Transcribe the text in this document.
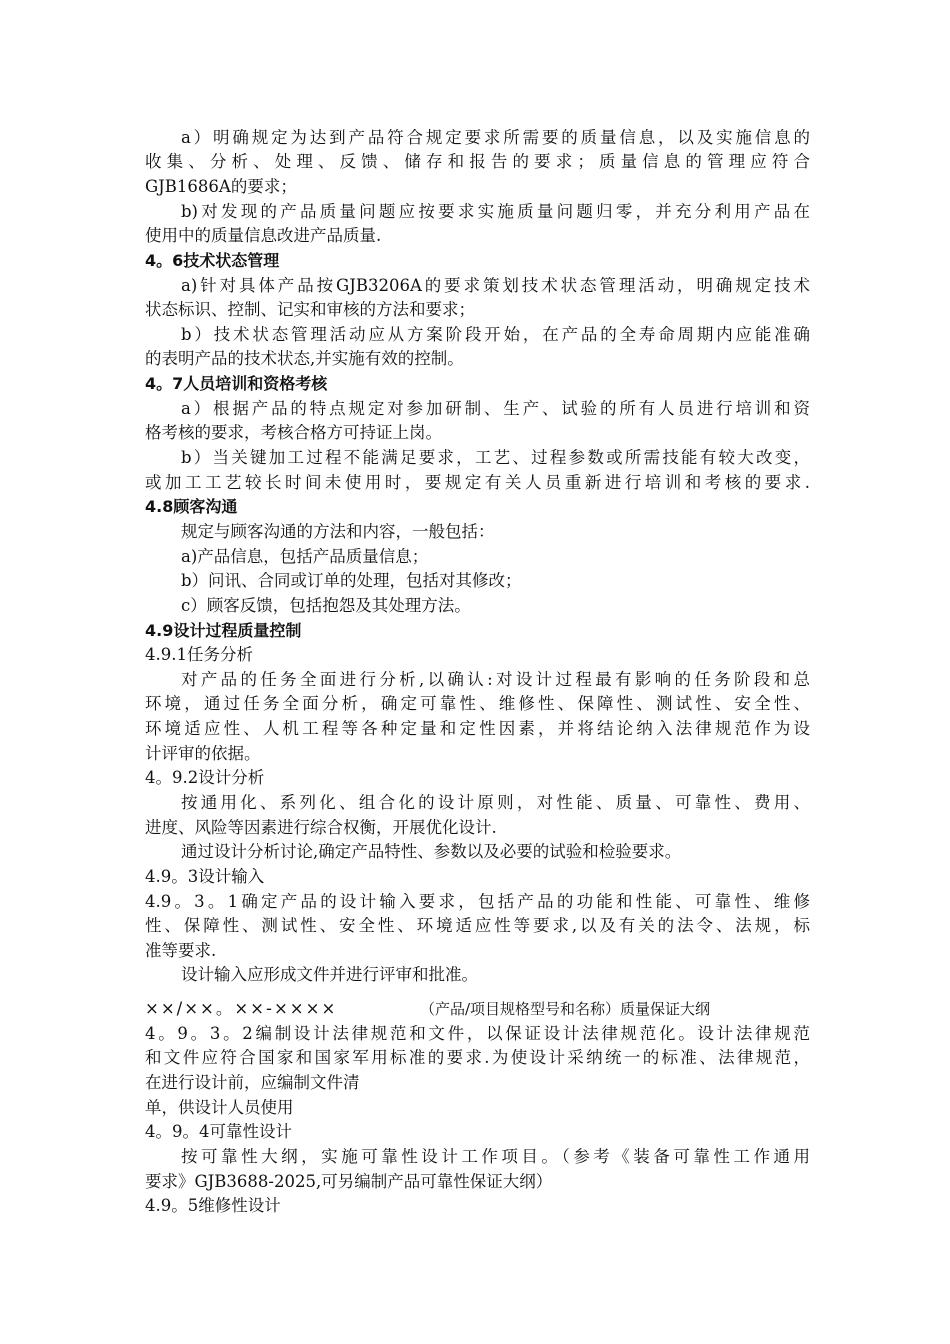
a）明确规定为达到产品符合规定要求所需要的质量信息，以及实施信息的
收集、分析、处理、反馈、储存和报告的要求；质量信息的管理应符合
GJB1686A的要求；
b)对发现的产品质量问题应按要求实施质量问题归零，并充分利用产品在
使用中的质量信息改进产品质量.
4。6技术状态管理
a)针对具体产品按GJB3206A的要求策划技术状态管理活动，明确规定技术
状态标识、控制、记实和审核的方法和要求；
b）技术状态管理活动应从方案阶段开始，在产品的全寿命周期内应能准确
的表明产品的技术状态,并实施有效的控制。
4。7人员培训和资格考核
a）根据产品的特点规定对参加研制、生产、试验的所有人员进行培训和资
格考核的要求，考核合格方可持证上岗。
b）当关键加工过程不能满足要求，工艺、过程参数或所需技能有较大改变，
或加工工艺较长时间未使用时，要规定有关人员重新进行培训和考核的要求.
4.8顾客沟通
规定与顾客沟通的方法和内容，一般包括：
a)产品信息，包括产品质量信息；
b）问讯、合同或订单的处理，包括对其修改；
c）顾客反馈，包括抱怨及其处理方法。
4.9设计过程质量控制
4.9.1任务分析
对产品的任务全面进行分析,以确认:对设计过程最有影响的任务阶段和总
环境，通过任务全面分析，确定可靠性、维修性、保障性、测试性、安全性、
环境适应性、人机工程等各种定量和定性因素，并将结论纳入法律规范作为设
计评审的依据。
4。9.2设计分析
按通用化、系列化、组合化的设计原则，对性能、质量、可靠性、费用、
进度、风险等因素进行综合权衡，开展优化设计.
通过设计分析讨论,确定产品特性、参数以及必要的试验和检验要求。
4.9。3设计输入
4.9。3。1确定产品的设计输入要求，包括产品的功能和性能、可靠性、维修
性、保障性、测试性、安全性、环境适应性等要求,以及有关的法令、法规，标
准等要求.
设计输入应形成文件并进行评审和批准。
××/××。××-××××	（产品/项目规格型号和名称）质量保证大纲
4。9。3。2编制设计法律规范和文件，以保证设计法律规范化。设计法律规范
和文件应符合国家和国家军用标准的要求.为使设计采纳统一的标准、法律规范，
在进行设计前，应编制文件清
单，供设计人员使用
4。9。4可靠性设计
按可靠性大纲，实施可靠性设计工作项目。（参考《装备可靠性工作通用
要求》GJB3688-2025,可另编制产品可靠性保证大纲）
4.9。5维修性设计
